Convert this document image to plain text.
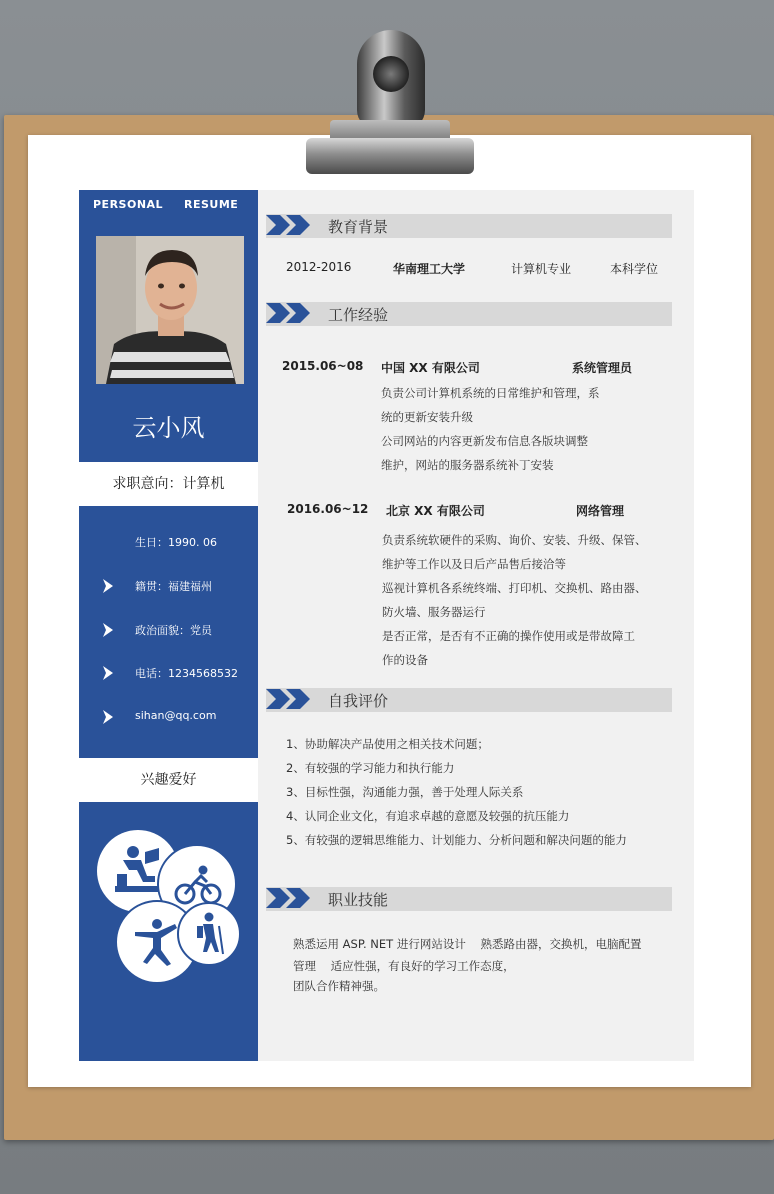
PERSONAL RESUME
云小风
求职意向：计算机
生日：1990. 06
籍贯：福建福州
政治面貌：党员
电话：1234568532
sihan@qq.com
兴趣爱好
教育背景
2012-2016	华南理工大学	计算机专业	本科学位
工作经验
2015.06~08 中国 XX 有限公司	系统管理员
负责公司计算机系统的日常维护和管理，系
统的更新安装升级
公司网站的内容更新发布信息各版块调整
维护，网站的服务器系统补丁安装
2016.06~12 北京 XX 有限公司	网络管理
负责系统软硬件的采购、询价、安装、升级、保管、
维护等工作以及日后产品售后接洽等
巡视计算机各系统终端、打印机、交换机、路由器、
防火墙、服务器运行
是否正常，是否有不正确的操作使用或是带故障工
作的设备
自我评价
1、协助解决产品使用之相关技术问题；
2、有较强的学习能力和执行能力
3、目标性强，沟通能力强，善于处理人际关系
4、认同企业文化，有追求卓越的意愿及较强的抗压能力
5、有较强的逻辑思维能力、计划能力、分析问题和解决问题的能力
职业技能
熟悉运用 ASP. NET 进行网站设计    熟悉路由器，交换机，电脑配置
管理    适应性强，有良好的学习工作态度，
团队合作精神强。
